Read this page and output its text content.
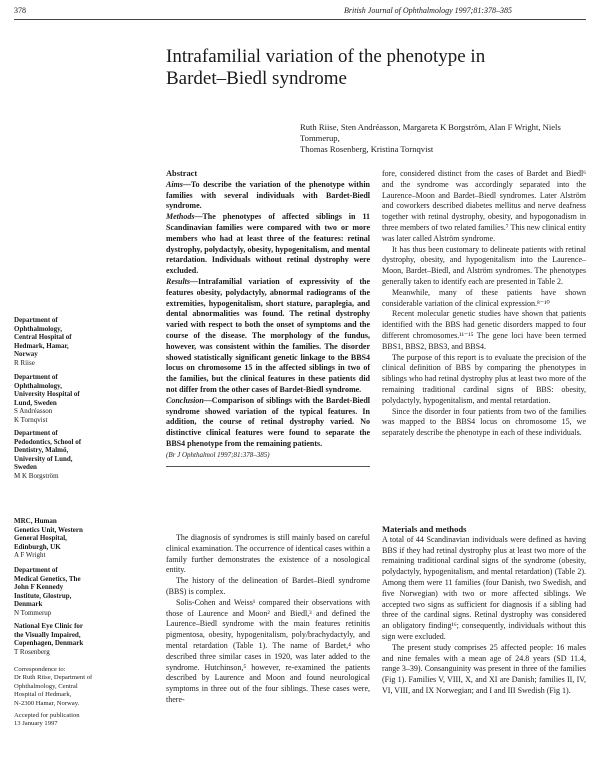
378	British Journal of Ophthalmology 1997;81:378–385
Intrafamilial variation of the phenotype in
Bardet–Biedl syndrome
Ruth Riise, Sten Andréasson, Margareta K Borgström, Alan F Wright, Niels Tommerup,
Thomas Rosenberg, Kristina Tornqvist
Department of
Ophthalmology,
Central Hospital of
Hedmark, Hamar,
Norway
R Riise
Department of
Ophthalmology,
University Hospital of
Lund, Sweden
S Andréasson
K Tornqvist
Department of
Pedodontics, School of
Dentistry, Malmö,
University of Lund,
Sweden
M K Borgström
MRC, Human
Genetics Unit, Western
General Hospital,
Edinburgh, UK
A F Wright
Department of
Medical Genetics, The
John F Kennedy
Institute, Glostrup,
Denmark
N Tommerup
National Eye Clinic for
the Visually Impaired,
Copenhagen, Denmark
T Rosenberg
Correspondence to:
Dr Ruth Riise, Department of
Ophthalmology, Central
Hospital of Hedmark,
N-2300 Hamar, Norway.
Accepted for publication
13 January 1997
Abstract
Aims—To describe the variation of the phenotype within families with several individuals with Bardet-Biedl syndrome.
Methods—The phenotypes of affected siblings in 11 Scandinavian families were compared with two or more members who had at least three of the features: retinal dystrophy, polydactyly, obesity, hypogenitalism, and mental retardation. Individuals without retinal dystrophy were excluded.
Results—Intrafamilial variation of expressivity of the features obesity, polydactyly, abnormal radiograms of the extremities, hypogenitalism, short stature, paraplegia, and dental abnormalities was found. The retinal dystrophy varied with respect to both the onset of symptoms and the course of the disease. The morphology of the fundus, however, was consistent within the families. The disorder showed statistically significant genetic linkage to the BBS4 locus on chromosome 15 in the affected siblings in two of the families, but the clinical features in these patients did not differ from the other cases of Bardet-Biedl syndrome.
Conclusion—Comparison of siblings with the Bardet-Biedl syndrome showed variation of the typical features. In addition, the course of retinal dystrophy varied. No distinctive clinical features were found to separate the BBS4 phenotype from the remaining patients.
(Br J Ophthalmol 1997;81:378–385)

The diagnosis of syndromes is still mainly based on careful clinical examination. The occurrence of identical cases within a family further demonstrates the existence of a nosological entity.

The history of the delineation of Bardet–Biedl syndrome (BBS) is complex.

Solis-Cohen and Weiss¹ compared their observations with those of Laurence and Moon² and Biedl,³ and defined the Laurence–Biedl syndrome with the main features retinitis pigmentosa, obesity, hypogenitalism, poly/brachydactyly, and mental retardation (Table 1). The name of Bardet,⁴ who described three similar cases in 1920, was later added to the syndrome. Hutchinson,⁵ however, re-examined the patients described by Laurence and Moon and found neurological symptoms in three out of the four siblings. These cases were, there-

fore, considered distinct from the cases of Bardet and Biedl⁶ and the syndrome was accordingly separated into the Laurence–Moon and Bardet–Biedl syndromes. Later Alström and coworkers described diabetes mellitus and nerve deafness together with retinal dystrophy, obesity, and hypogonadism in three members of two related families.⁷ This new clinical entity was later called Alström syndrome.

It has thus been customary to delineate patients with retinal dystrophy, obesity, and hypogenitalism into the Laurence–Moon, Bardet–Biedl, and Alström syndromes. The phenotypes generally taken to identify each are presented in Table 2.

Meanwhile, many of these patients have shown considerable variation of the clinical expression.⁸⁻¹⁰

Recent molecular genetic studies have shown that patients identified with the BBS had genetic disorders mapped to four different chromosomes.¹¹⁻¹⁵ The gene loci have been termed BBS1, BBS2, BBS3, and BBS4.

The purpose of this report is to evaluate the precision of the clinical definition of BBS by comparing the phenotypes in siblings who had retinal dystrophy plus at least two more of the remaining traditional cardinal signs of BBS: obesity, polydactyly, hypogenitalism, and mental retardation.

Since the disorder in four patients from two of the families was mapped to the BBS4 locus on chromosome 15, we separately describe the phenotype in each of these individuals.

Materials and methods

A total of 44 Scandinavian individuals were defined as having BBS if they had retinal dystrophy plus at least two more of the remaining traditional cardinal signs of the syndrome (obesity, polydactyly, hypogenitalism, and mental retardation) (Table 2). Among them were 11 families (four Danish, two Swedish, and five Norwegian) with two or more affected siblings. We accepted two signs as sufficient for diagnosis if a sibling had three of the cardinal signs. Retinal dystrophy was considered an obligatory finding¹⁶; consequently, individuals without this sign were excluded.

The present study comprises 25 affected people: 16 males and nine females with a mean age of 24.8 years (SD 11.4, range 3–39). Consanguinity was present in three of the families (Fig 1). Families V, VIII, X, and XI are Danish; families II, IV, VI, VIII, and IX Norwegian; and I and III Swedish (Fig 1).
